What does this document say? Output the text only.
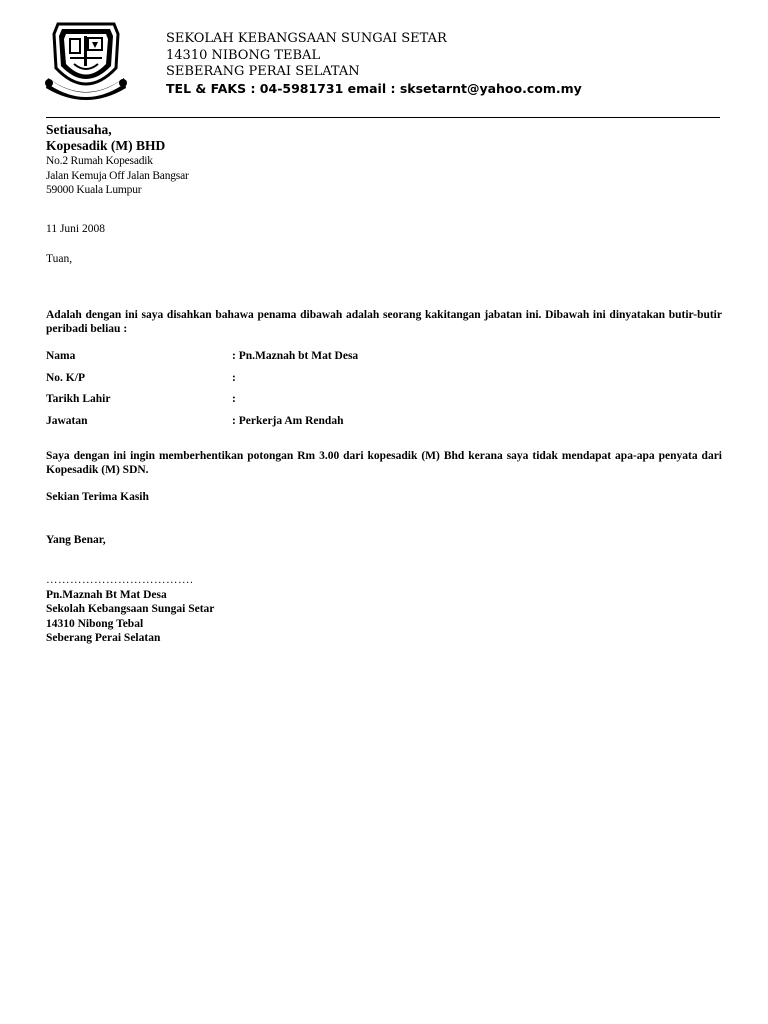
SEKOLAH KEBANGSAAN SUNGAI SETAR
14310 NIBONG TEBAL
SEBERANG PERAI SELATAN
TEL & FAKS : 04-5981731 email : sksetarnt@yahoo.com.my
Setiausaha,
Kopesadik (M) BHD
No.2 Rumah Kopesadik
Jalan Kemuja Off Jalan Bangsar
59000 Kuala Lumpur
11 Juni 2008
Tuan,
Adalah dengan ini saya disahkan bahawa penama dibawah adalah seorang kakitangan jabatan ini. Dibawah ini dinyatakan butir-butir peribadi beliau :
Nama	: Pn.Maznah bt Mat Desa
No. K/P	:
Tarikh Lahir	:
Jawatan	: Perkerja Am Rendah
Saya dengan ini ingin memberhentikan potongan Rm 3.00 dari kopesadik (M) Bhd kerana saya tidak mendapat apa-apa penyata dari Kopesadik (M) SDN.
Sekian Terima Kasih
Yang Benar,
……………………………….
Pn.Maznah Bt Mat Desa
Sekolah Kebangsaan Sungai Setar
14310 Nibong Tebal
Seberang Perai Selatan
